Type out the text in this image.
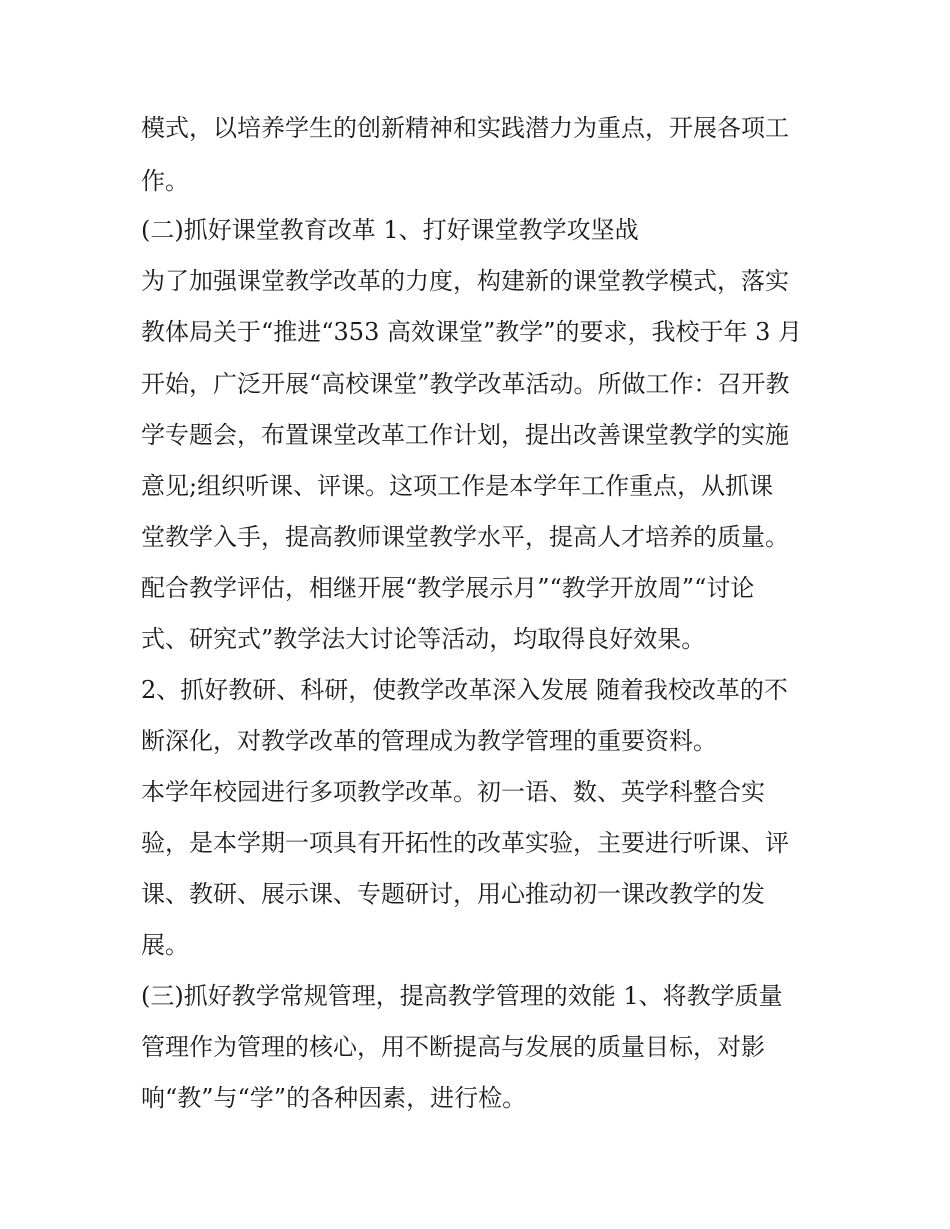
模式，以培养学生的创新精神和实践潜力为重点，开展各项工
作。
(二)抓好课堂教育改革 1、打好课堂教学攻坚战
为了加强课堂教学改革的力度，构建新的课堂教学模式，落实
教体局关于“推进“353 高效课堂”教学”的要求，我校于年 3 月
开始，广泛开展“高校课堂”教学改革活动。所做工作：召开教
学专题会，布置课堂改革工作计划，提出改善课堂教学的实施
意见;组织听课、评课。这项工作是本学年工作重点，从抓课
堂教学入手，提高教师课堂教学水平，提高人才培养的质量。
配合教学评估，相继开展“教学展示月”“教学开放周”“讨论
式、研究式”教学法大讨论等活动，均取得良好效果。
2、抓好教研、科研，使教学改革深入发展 随着我校改革的不
断深化，对教学改革的管理成为教学管理的重要资料。
本学年校园进行多项教学改革。初一语、数、英学科整合实
验，是本学期一项具有开拓性的改革实验，主要进行听课、评
课、教研、展示课、专题研讨，用心推动初一课改教学的发
展。
(三)抓好教学常规管理，提高教学管理的效能 1、将教学质量
管理作为管理的核心，用不断提高与发展的质量目标，对影
响“教”与“学”的各种因素，进行检。
